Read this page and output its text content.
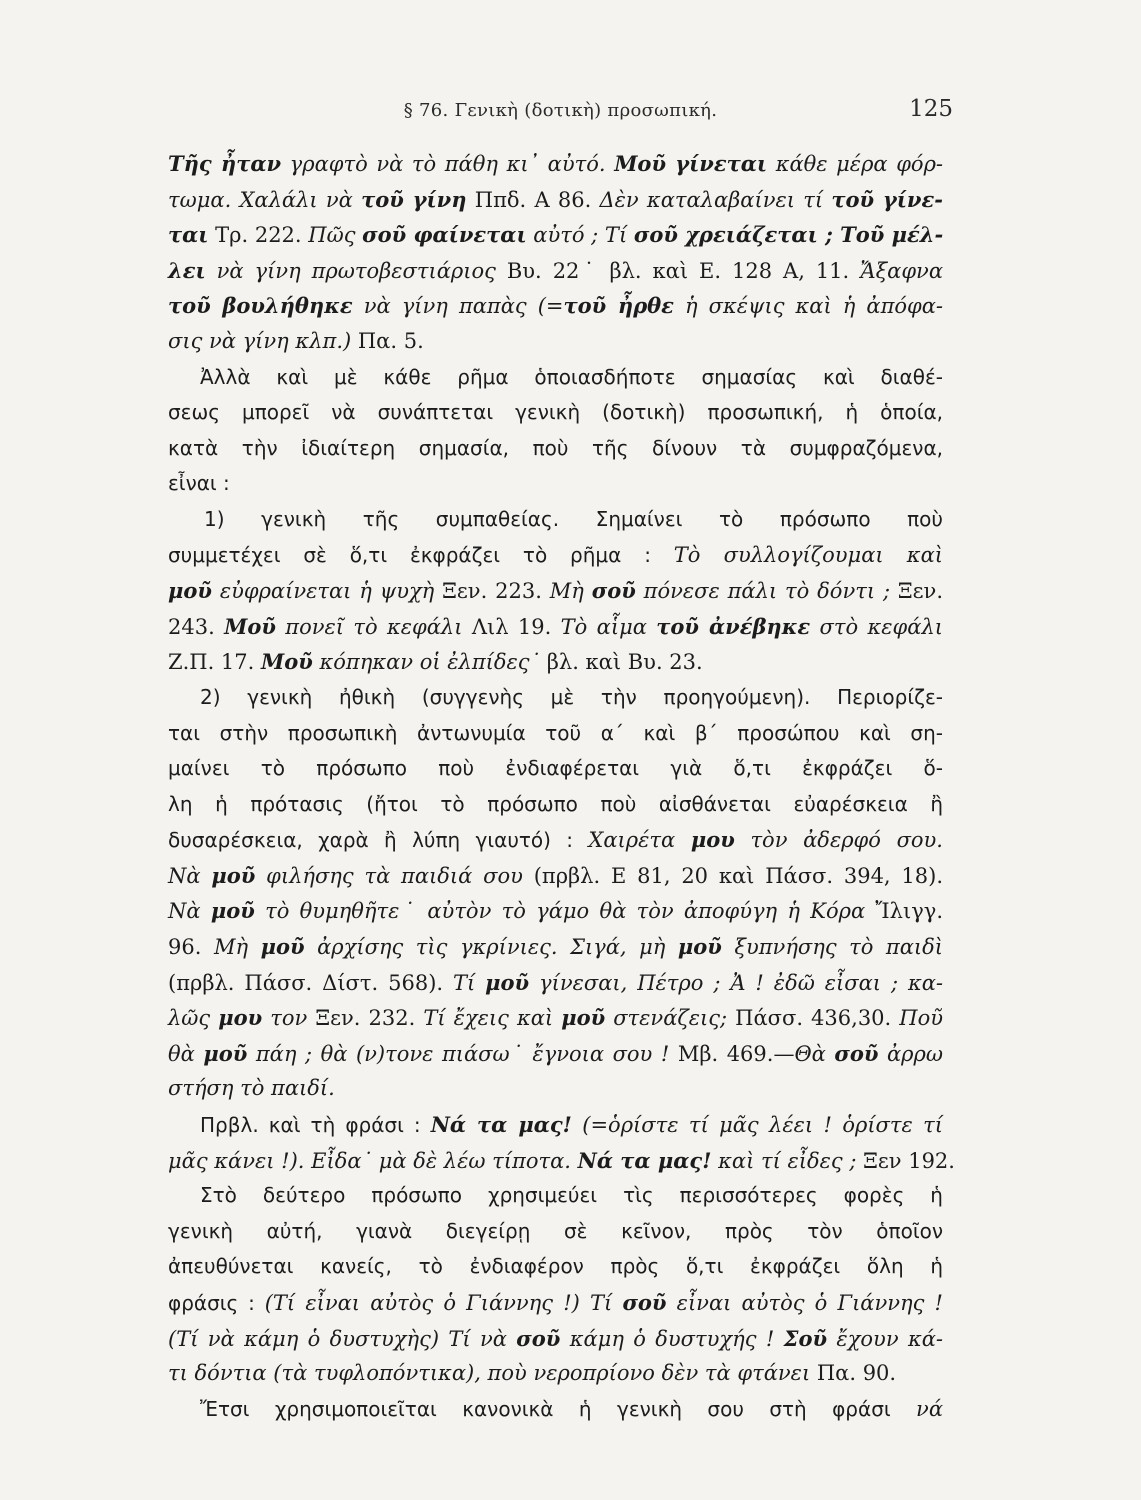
§ 76. Γενικὴ (δοτικὴ) προσωπική.	125
Τῆς ἦταν γραφτὸ νὰ τὸ πάθη κι᾽ αὐτό. Μοῦ γίνεται κάθε μέρα φόρ-
τωμα. Χαλάλι νὰ τοῦ γίνη Ππδ. Α 86. Δὲν καταλαβαίνει τί τοῦ γίνε-
ται Τρ. 222. Πῶς σοῦ φαίνεται αὐτό ; Τί σοῦ χρειάζεται ; Τοῦ μέλ-
λει νὰ γίνη πρωτοβεστιάριος Βυ. 22˙ βλ. καὶ Ε. 128 Α, 11. Ἄξαφνα
τοῦ βουλήθηκε νὰ γίνη παπὰς (=τοῦ ἦρθε ἡ σκέψις καὶ ἡ ἀπόφα-
σις νὰ γίνη κλπ.) Πα. 5.
Ἀλλὰ καὶ μὲ κάθε ρῆμα ὁποιασδήποτε σημασίας καὶ διαθέ-
σεως μπορεῖ νὰ συνάπτεται γενικὴ (δοτικὴ) προσωπική, ἡ ὁποία,
κατὰ τὴν ἰδιαίτερη σημασία, ποὺ τῆς δίνουν τὰ συμφραζόμενα,
εἶναι :
1) γενικὴ τῆς συμπαθείας. Σημαίνει τὸ πρόσωπο ποὺ
συμμετέχει σὲ ὅ,τι ἐκφράζει τὸ ρῆμα : Τὸ συλλογίζουμαι καὶ
μοῦ εὐφραίνεται ἡ ψυχὴ Ξεν. 223. Μὴ σοῦ πόνεσε πάλι τὸ δόντι ; Ξεν.
243. Μοῦ πονεῖ τὸ κεφάλι Λιλ 19. Τὸ αἷμα τοῦ ἀνέβηκε στὸ κεφάλι
Ζ.Π. 17. Μοῦ κόπηκαν οἱ ἐλπίδες˙ βλ. καὶ Βυ. 23.
2) γενικὴ ἠθικὴ (συγγενὴς μὲ τὴν προηγούμενη). Περιορίζε-
ται στὴν προσωπικὴ ἀντωνυμία τοῦ α΄ καὶ β΄ προσώπου καὶ ση-
μαίνει τὸ πρόσωπο ποὺ ἐνδιαφέρεται γιὰ ὅ,τι ἐκφράζει ὅ-
λη ἡ πρότασις (ἤτοι τὸ πρόσωπο ποὺ αἰσθάνεται εὐαρέσκεια ἢ
δυσαρέσκεια, χαρὰ ἢ λύπη γιαυτό) : Χαιρέτα μου τὸν ἀδερφό σου.
Νὰ μοῦ φιλήσης τὰ παιδιά σου (πρβλ. Ε 81, 20 καὶ Πάσσ. 394, 18).
Νὰ μοῦ τὸ θυμηθῆτε˙ αὐτὸν τὸ γάμο θὰ τὸν ἀποφύγη ἡ Κόρα Ἴλιγγ.
96. Μὴ μοῦ ἀρχίσης τὶς γκρίνιες. Σιγά, μὴ μοῦ ξυπνήσης τὸ παιδὶ
(πρβλ. Πάσσ. Δίστ. 568). Τί μοῦ γίνεσαι, Πέτρο ; Ἀ ! ἐδῶ εἶσαι ; κα-
λῶς μου τον Ξεν. 232. Τί ἔχεις καὶ μοῦ στενάζεις; Πάσσ. 436,30. Ποῦ
θὰ μοῦ πάη ; θὰ (ν)τονε πιάσω˙ ἔγνοια σου ! Μβ. 469.—Θὰ σοῦ ἀρρω
στήση τὸ παιδί.
Πρβλ. καὶ τὴ φράσι : Νά τα μας! (=ὁρίστε τί μᾶς λέει ! ὁρίστε τί
μᾶς κάνει !). Εἶδα˙ μὰ δὲ λέω τίποτα. Νά τα μας! καὶ τί εἶδες ; Ξεν 192.
Στὸ δεύτερο πρόσωπο χρησιμεύει τὶς περισσότερες φορὲς ἡ
γενικὴ αὐτή, γιανὰ διεγείρῃ σὲ κεῖνον, πρὸς τὸν ὁποῖον
ἀπευθύνεται κανείς, τὸ ἐνδιαφέρον πρὸς ὅ,τι ἐκφράζει ὅλη ἡ
φράσις : (Τί εἶναι αὐτὸς ὁ Γιάννης !) Τί σοῦ εἶναι αὐτὸς ὁ Γιάννης !
(Τί νὰ κάμη ὁ δυστυχὴς) Τί νὰ σοῦ κάμη ὁ δυστυχής ! Σοῦ ἔχουν κά-
τι δόντια (τὰ τυφλοπόντικα), ποὺ νεροπρίονο δὲν τὰ φτάνει Πα. 90.
Ἔτσι χρησιμοποιεῖται κανονικὰ ἡ γενικὴ σου στὴ φράσι νά
